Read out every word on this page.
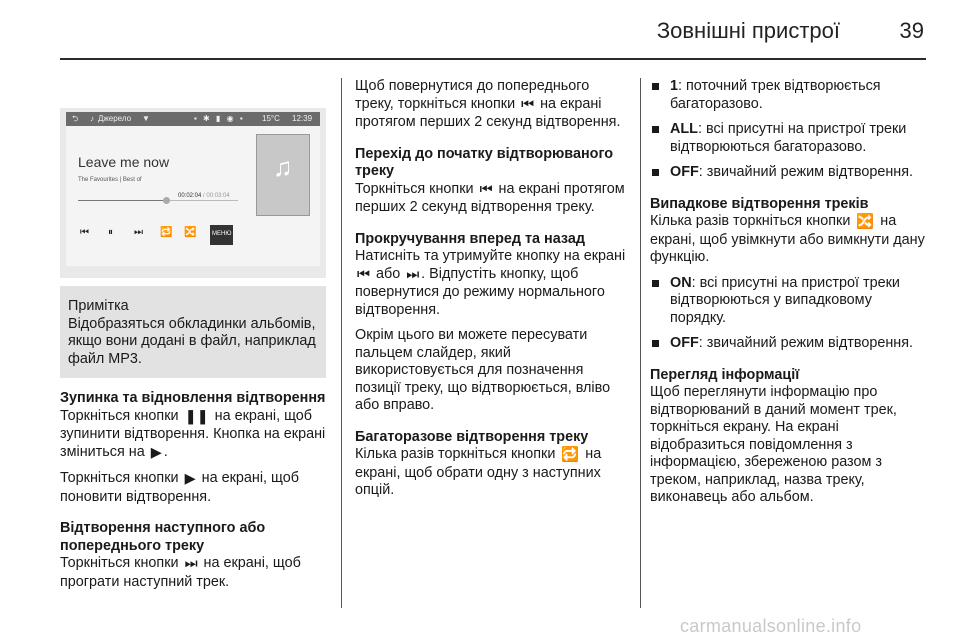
Зовнішні пристрої	39
⮌ ♪ Джерело ▼	▪ ✱ ▮ ◉ ▪ 15°C 12:39
Leave me now
The Favourites | Best of
00:02:04 / 00:03:04
♫
⏮ ⏸ ⏭ 🔁 🔀	МЕНЮ
Примітка
Відобразяться обкладинки альбомів, якщо вони додані в файл, наприклад файл MP3.
Зупинка та відновлення відтворення

Торкніться кнопки ❚❚ на екрані, щоб зупинити відтворення. Кнопка на екрані зміниться на ▶ .

Торкніться кнопки ▶ на екрані, щоб поновити відтворення.

Відтворення наступного або попереднього треку

Торкніться кнопки ⏭ на екрані, щоб програти наступний трек.

Щоб повернутися до попереднього треку, торкніться кнопки ⏮ на екрані протягом перших 2 секунд відтворення.

Перехід до початку відтворюваного треку

Торкніться кнопки ⏮ на екрані протягом перших 2 секунд відтворення треку.

Прокручування вперед та назад

Натисніть та утримуйте кнопку на екрані ⏮ або ⏭ . Відпустіть кнопку, щоб повернутися до режиму нормального відтворення.

Окрім цього ви можете пересувати пальцем слайдер, який використовується для позначення позиції треку, що відтворюється, вліво або вправо.

Багаторазове відтворення треку

Кількa разів торкніться кнопки 🔁 на екрані, щоб обрати одну з наступних опцій.

1: поточний трек відтворюється багаторазово.
ALL: всі присутні на пристрої треки відтворюються багаторазово.
OFF: звичайний режим відтворення.
Випадкове відтворення треків

Кількa разів торкніться кнопки 🔀 на екрані, щоб увімкнути або вимкнути дану функцію.

ON: всі присутні на пристрої треки відтворюються у випадковому порядку.
OFF: звичайний режим відтворення.
Перегляд інформації

Щоб переглянути інформацію про відтворюваний в даний момент трек, торкніться екрану. На екрані відобразиться повідомлення з інформацією, збереженою разом з треком, наприклад, назва треку, виконавець або альбом.

carmanualsonline.info
